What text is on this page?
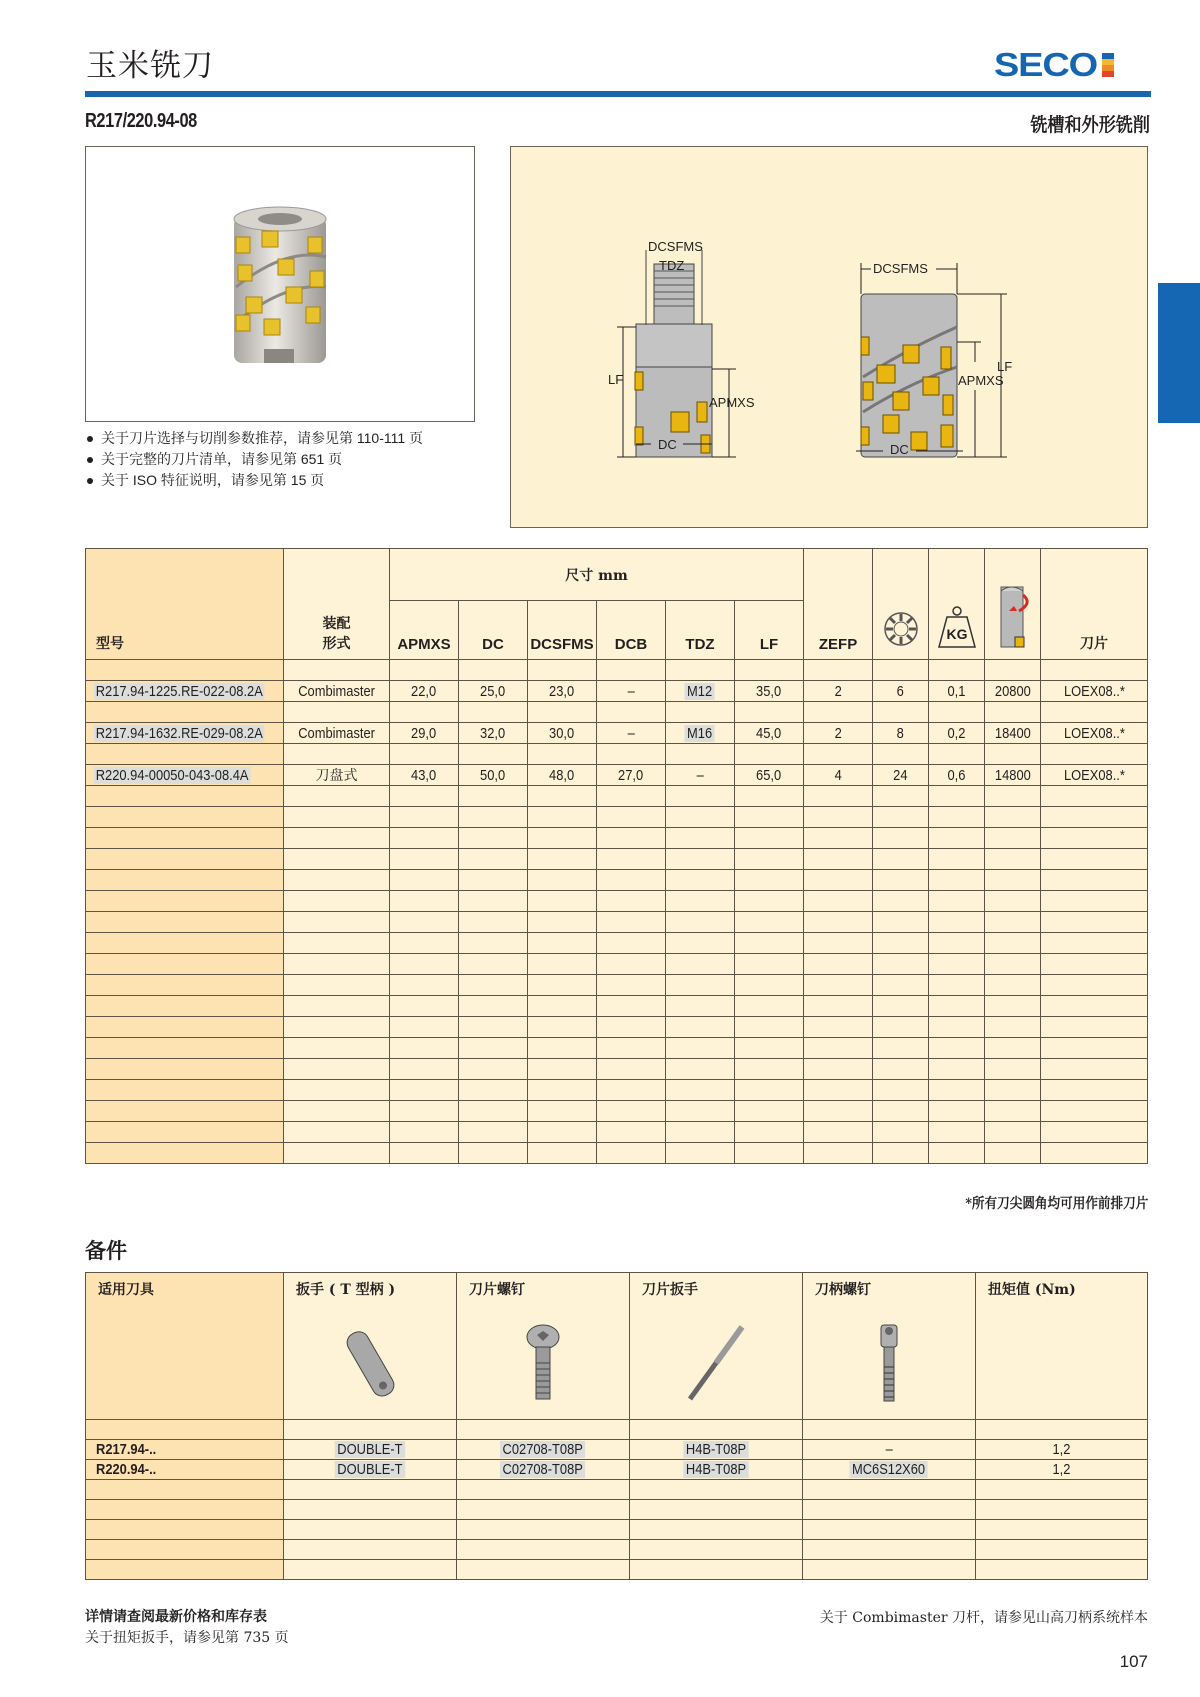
玉米铣刀	SECO
R217/220.94-08	铣槽和外形铣削
关于刀片选择与切削参数推荐，请参见第 110-111 页
关于完整的刀片清单，请参见第 651 页
关于 ISO 特征说明，请参见第 15 页
DCSFMS
TDZ
LF
APMXS
DC
DCSFMS
LF
APMXS
DC
型号	装配
形式	尺寸 mm						ZEFP		KG		刀片
		APMXS	DC	DCSFMS	DCB	TDZ	LF					

R217.94-1225.RE-022-08.2A	Combimaster	22,0	25,0	23,0	–	M12	35,0	2	6	0,1	20800	LOEX08..*

R217.94-1632.RE-029-08.2A	Combimaster	29,0	32,0	30,0	–	M16	45,0	2	8	0,2	18400	LOEX08..*

R220.94-00050-043-08.4A	刀盘式	43,0	50,0	48,0	27,0	–	65,0	4	24	0,6	14800	LOEX08..*

*所有刀尖圆角均可用作前排刀片
备件
适用刀具	扳手 ( T 型柄 )	刀片螺钉	刀片扳手	刀柄螺钉	扭矩值 (Nm)

R217.94-..	DOUBLE-T	C02708-T08P	H4B-T08P	–	1,2
R220.94-..	DOUBLE-T	C02708-T08P	H4B-T08P	MC6S12X60	1,2

详情请查阅最新价格和库存表
关于扭矩扳手，请参见第 735 页
关于 Combimaster 刀杆，请参见山高刀柄系统样本
107
